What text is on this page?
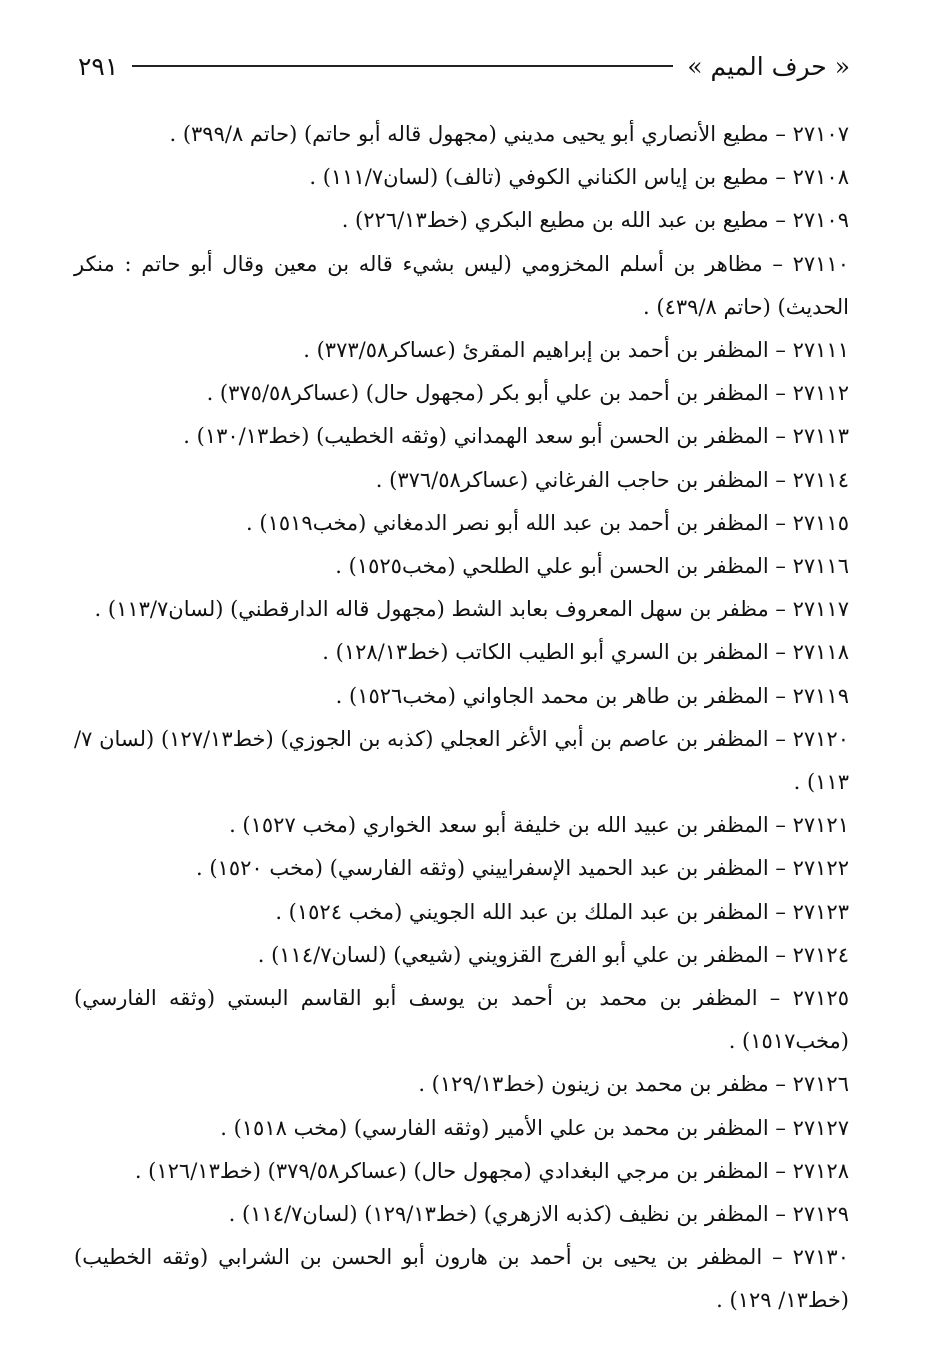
« حرف الميم »
٢٩١
٢٧١٠٧ – مطيع الأنصاري أبو يحيى مديني (مجهول قاله أبو حاتم) (حاتم ٣٩٩/٨) .
٢٧١٠٨ – مطيع بن إياس الكناني الكوفي (تالف) (لسان١١١/٧) .
٢٧١٠٩ – مطيع بن عبد الله بن مطيع البكري (خط٢٢٦/١٣) .
٢٧١١٠ – مظاهر بن أسلم المخزومي (ليس بشيء قاله بن معين وقال أبو حاتم : منكر الحديث) (حاتم ٤٣٩/٨) .
٢٧١١١ – المظفر بن أحمد بن إبراهيم المقرئ (عساكر٣٧٣/٥٨) .
٢٧١١٢ – المظفر بن أحمد بن علي أبو بكر (مجهول حال) (عساكر٣٧٥/٥٨) .
٢٧١١٣ – المظفر بن الحسن أبو سعد الهمداني (وثقه الخطيب) (خط١٣٠/١٣) .
٢٧١١٤ – المظفر بن حاجب الفرغاني (عساكر٣٧٦/٥٨) .
٢٧١١٥ – المظفر بن أحمد بن عبد الله أبو نصر الدمغاني (مخب١٥١٩) .
٢٧١١٦ – المظفر بن الحسن أبو علي الطلحي (مخب١٥٢٥) .
٢٧١١٧ – مظفر بن سهل المعروف بعابد الشط (مجهول قاله الدارقطني) (لسان١١٣/٧) .
٢٧١١٨ – المظفر بن السري أبو الطيب الكاتب (خط١٢٨/١٣) .
٢٧١١٩ – المظفر بن طاهر بن محمد الجاواني (مخب١٥٢٦) .
٢٧١٢٠ – المظفر بن عاصم بن أبي الأغر العجلي (كذبه بن الجوزي) (خط١٢٧/١٣) (لسان ٧/ ١١٣) .
٢٧١٢١ – المظفر بن عبيد الله بن خليفة أبو سعد الخواري (مخب ١٥٢٧) .
٢٧١٢٢ – المظفر بن عبد الحميد الإسفراييني (وثقه الفارسي) (مخب ١٥٢٠) .
٢٧١٢٣ – المظفر بن عبد الملك بن عبد الله الجويني (مخب ١٥٢٤) .
٢٧١٢٤ – المظفر بن علي أبو الفرج القزويني (شيعي) (لسان١١٤/٧) .
٢٧١٢٥ – المظفر بن محمد بن أحمد بن يوسف أبو القاسم البستي (وثقه الفارسي) (مخب١٥١٧) .
٢٧١٢٦ – مظفر بن محمد بن زينون (خط١٢٩/١٣) .
٢٧١٢٧ – المظفر بن محمد بن علي الأمير (وثقه الفارسي) (مخب ١٥١٨) .
٢٧١٢٨ – المظفر بن مرجي البغدادي (مجهول حال) (عساكر٣٧٩/٥٨) (خط١٢٦/١٣) .
٢٧١٢٩ – المظفر بن نظيف (كذبه الازهري) (خط١٢٩/١٣) (لسان١١٤/٧) .
٢٧١٣٠ – المظفر بن يحيى بن أحمد بن هارون أبو الحسن بن الشرابي (وثقه الخطيب) (خط١٣/ ١٢٩) .
